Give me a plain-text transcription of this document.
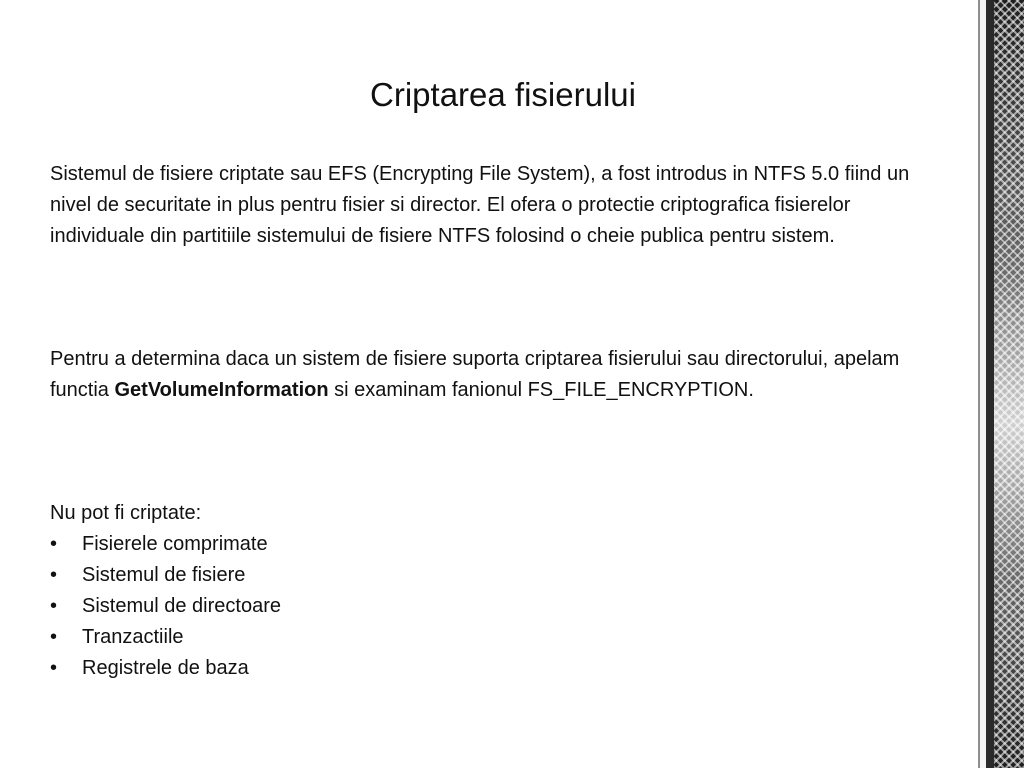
Criptarea fisierului
Sistemul de fisiere criptate sau EFS (Encrypting File System), a fost introdus in NTFS 5.0 fiind un nivel de securitate in plus pentru fisier si director. El ofera o protectie criptografica fisierelor individuale din partitiile sistemului de fisiere NTFS folosind o cheie publica pentru sistem.
Pentru a determina daca un sistem de fisiere suporta criptarea fisierului sau directorului, apelam functia GetVolumeInformation si examinam fanionul FS_FILE_ENCRYPTION.
Nu pot fi criptate:
• Fisierele comprimate
• Sistemul de fisiere
• Sistemul de directoare
• Tranzactiile
• Registrele de baza
